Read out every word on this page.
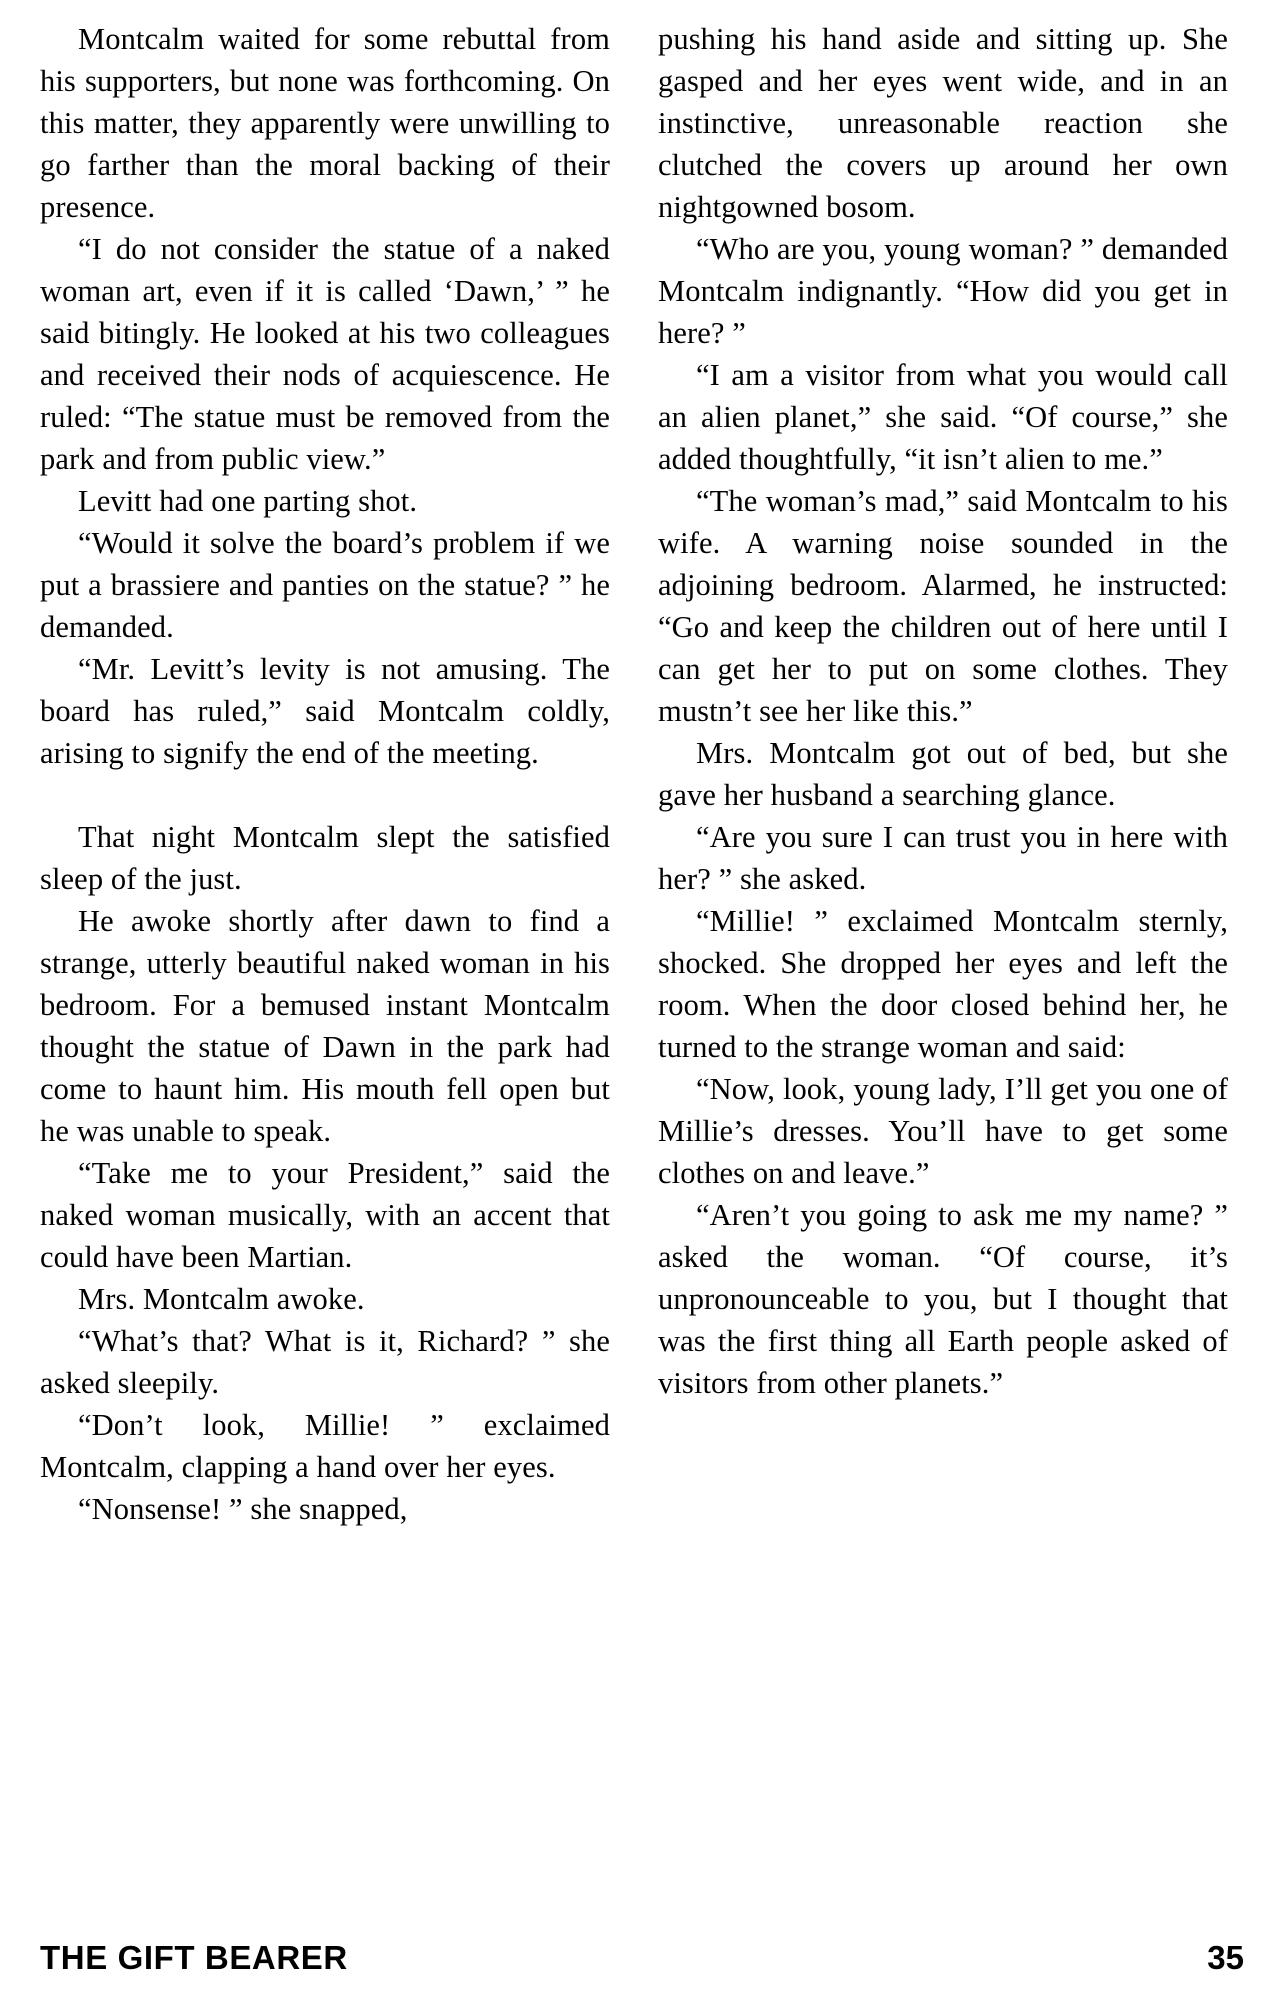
Montcalm waited for some rebuttal from his supporters, but none was forthcoming. On this matter, they apparently were unwilling to go farther than the moral backing of their presence.

“I do not consider the statue of a naked woman art, even if it is called ‘Dawn,’ ” he said bitingly. He looked at his two colleagues and received their nods of acquiescence. He ruled: “The statue must be removed from the park and from public view.”

Levitt had one parting shot.

“Would it solve the board’s problem if we put a brassiere and panties on the statue? ” he demanded.

“Mr. Levitt’s levity is not amusing. The board has ruled,” said Montcalm coldly, arising to signify the end of the meeting.

That night Montcalm slept the satisfied sleep of the just.

He awoke shortly after dawn to find a strange, utterly beautiful naked woman in his bedroom. For a bemused instant Montcalm thought the statue of Dawn in the park had come to haunt him. His mouth fell open but he was unable to speak.

“Take me to your President,” said the naked woman musically, with an accent that could have been Martian.

Mrs. Montcalm awoke.

“What’s that? What is it, Richard? ” she asked sleepily.

“Don’t look, Millie! ” exclaimed Montcalm, clapping a hand over her eyes.

“Nonsense! ” she snapped,

pushing his hand aside and sitting up. She gasped and her eyes went wide, and in an instinctive, unreasonable reaction she clutched the covers up around her own nightgowned bosom.

“Who are you, young woman? ” demanded Montcalm indignantly. “How did you get in here? ”

“I am a visitor from what you would call an alien planet,” she said. “Of course,” she added thoughtfully, “it isn’t alien to me.”

“The woman’s mad,” said Montcalm to his wife. A warning noise sounded in the adjoining bedroom. Alarmed, he instructed: “Go and keep the children out of here until I can get her to put on some clothes. They mustn’t see her like this.”

Mrs. Montcalm got out of bed, but she gave her husband a searching glance.

“Are you sure I can trust you in here with her? ” she asked.

“Millie! ” exclaimed Montcalm sternly, shocked. She dropped her eyes and left the room. When the door closed behind her, he turned to the strange woman and said:

“Now, look, young lady, I’ll get you one of Millie’s dresses. You’ll have to get some clothes on and leave.”

“Aren’t you going to ask me my name? ” asked the woman. “Of course, it’s unpronounceable to you, but I thought that was the first thing all Earth people asked of visitors from other planets.”

THE GIFT BEARER	35
